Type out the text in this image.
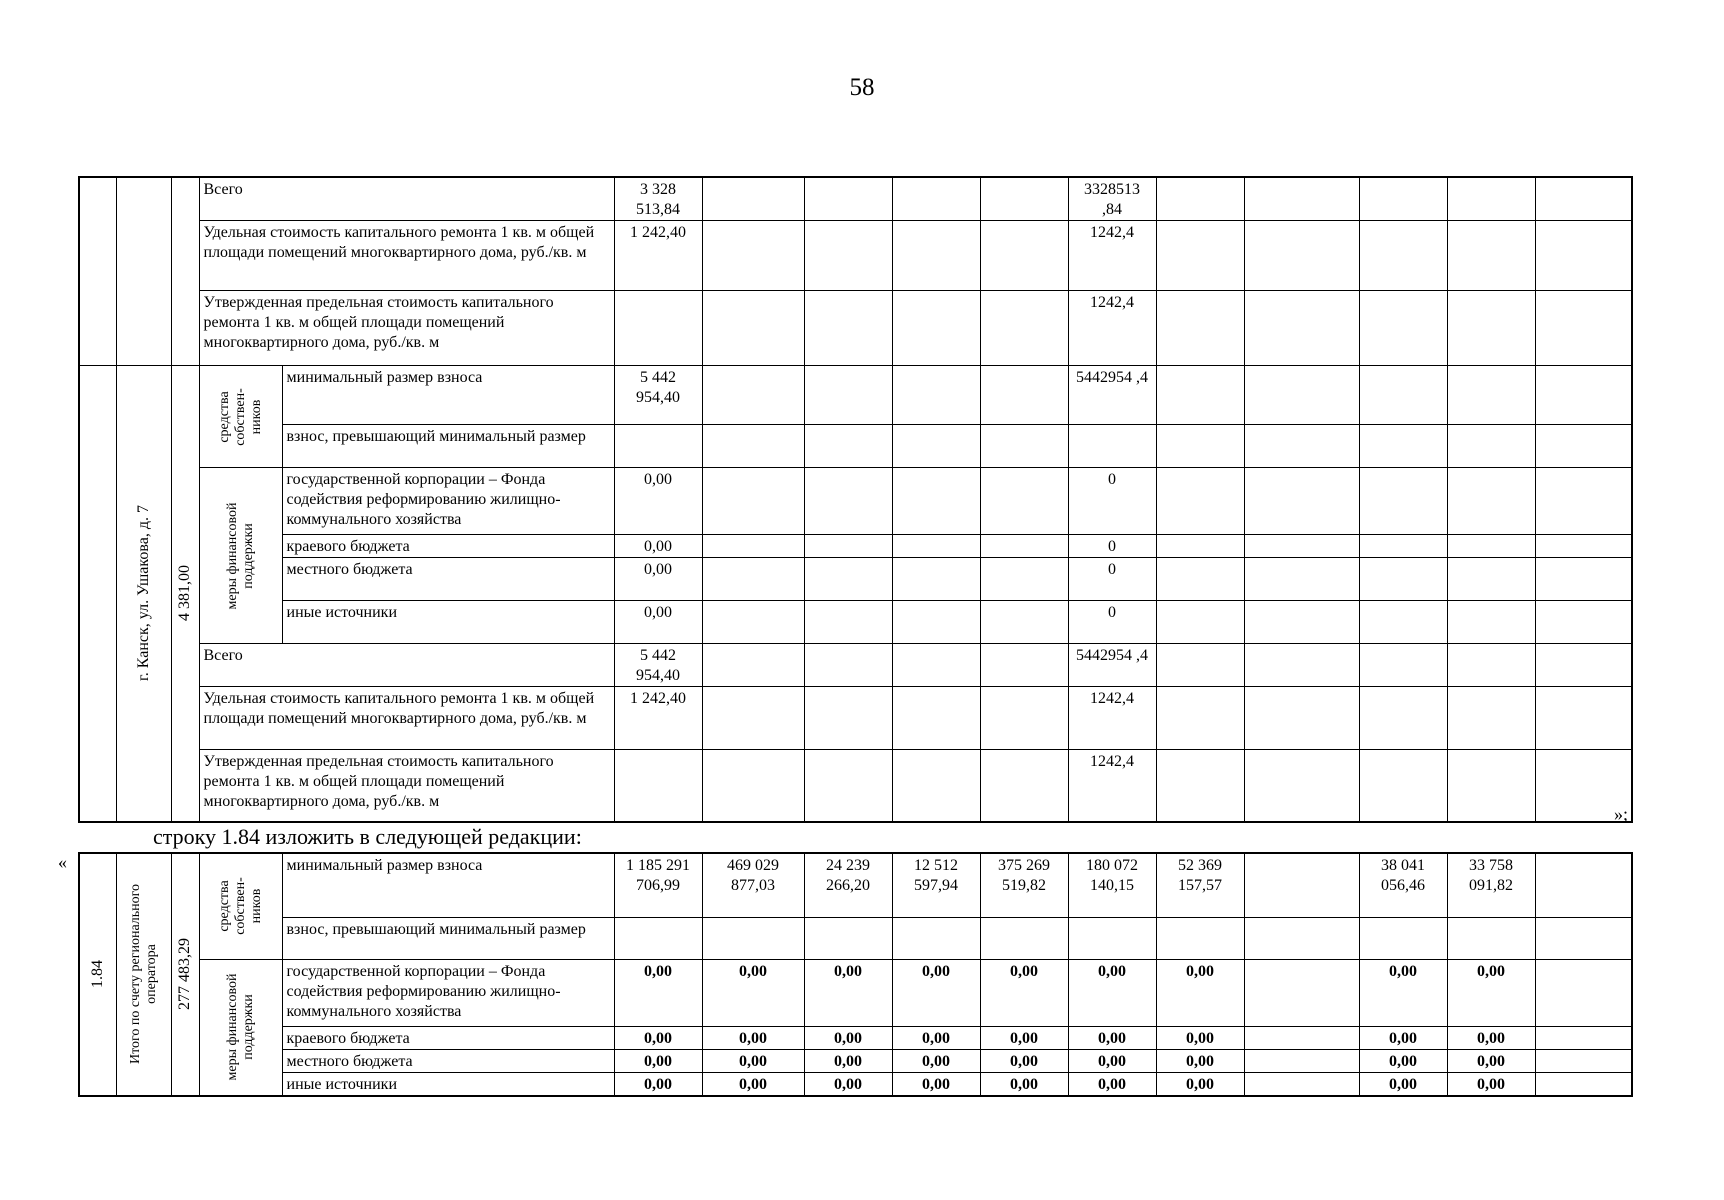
58
			Всего		3 328 513,84					3328513 ,84					
			Удельная стоимость капитального ремонта 1 кв. м общей площади помещений многоквартирного дома, руб./кв. м		1 242,40					1242,4					
			Утвержденная предельная стоимость капитального ремонта 1 кв. м общей площади помещений многоквартирного дома, руб./кв. м							1242,4					

	г. Канск, ул. Ушакова, д. 7	4 381,00	средства собствен-ников	минимальный размер взноса	5 442 954,40					5442954 ,4					
				взнос, превышающий минимальный размер											

			меры финансовой поддержки	государственной корпорации – Фонда содействия реформированию жилищно-коммунального хозяйства	0,00					0					
				краевого бюджета	0,00					0					
				местного бюджета	0,00					0					
				иные источники	0,00					0					
			Всего		5 442 954,40					5442954 ,4					
			Удельная стоимость капитального ремонта 1 кв. м общей площади помещений многоквартирного дома, руб./кв. м		1 242,40					1242,4					
			Утвержденная предельная стоимость капитального ремонта 1 кв. м общей площади помещений многоквартирного дома, руб./кв. м							1242,4					
»;
строку 1.84 изложить в следующей редакции:
«
1.84	Итого по счету регионального оператора	277 483,29	средства собствен-ников	минимальный размер взноса	1 185 291 706,99	469 029 877,03	24 239 266,20	12 512 597,94	375 269 519,82	180 072 140,15	52 369 157,57		38 041 056,46	33 758 091,82	
				взнос, превышающий минимальный размер											

			меры финансовой поддержки	государственной корпорации – Фонда содействия реформированию жилищно-коммунального хозяйства	0,00	0,00	0,00	0,00	0,00	0,00	0,00		0,00	0,00	
				краевого бюджета	0,00	0,00	0,00	0,00	0,00	0,00	0,00		0,00	0,00	
				местного бюджета	0,00	0,00	0,00	0,00	0,00	0,00	0,00		0,00	0,00	
				иные источники	0,00	0,00	0,00	0,00	0,00	0,00	0,00		0,00	0,00	
